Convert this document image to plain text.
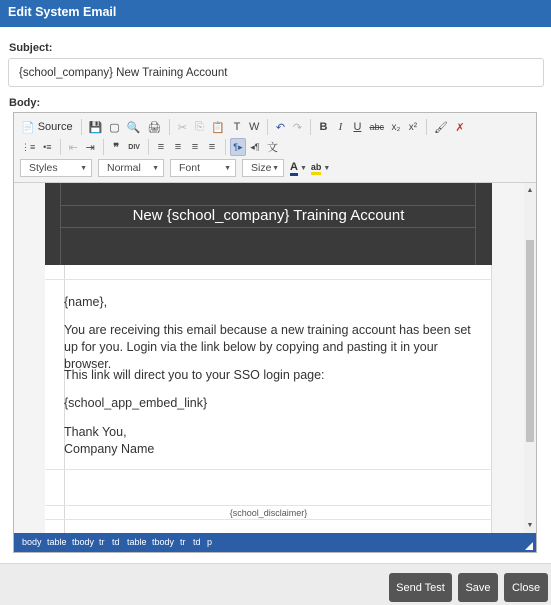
Edit System Email
Subject:
{school_company} New Training Account
Body:
📄 Source 💾 ▢ 🔍 🖨	✂ ⎘ 📋 T W	↶ ↷	B	I	U abc x₂ x²	🖌 ✗
⋮≡ •≡	⇤ ⇥	❞	DIV	≡ ≡ ≡ ≡	¶▸ ◂¶ 文
Styles	▼ Normal ▼ Font	▼ Size ▼ A ▼ ab ▼
New {school_company} Training Account
{name},
You are receiving this email because a new training account has been set up for you. Login via the link below by copying and pasting it in your browser.
This link will direct you to your SSO login page:
{school_app_embed_link}
Thank You,
Company Name
{school_disclaimer}
▲
▼
body table tbody tr td table tbody tr td p
Send Test	Save	Close
